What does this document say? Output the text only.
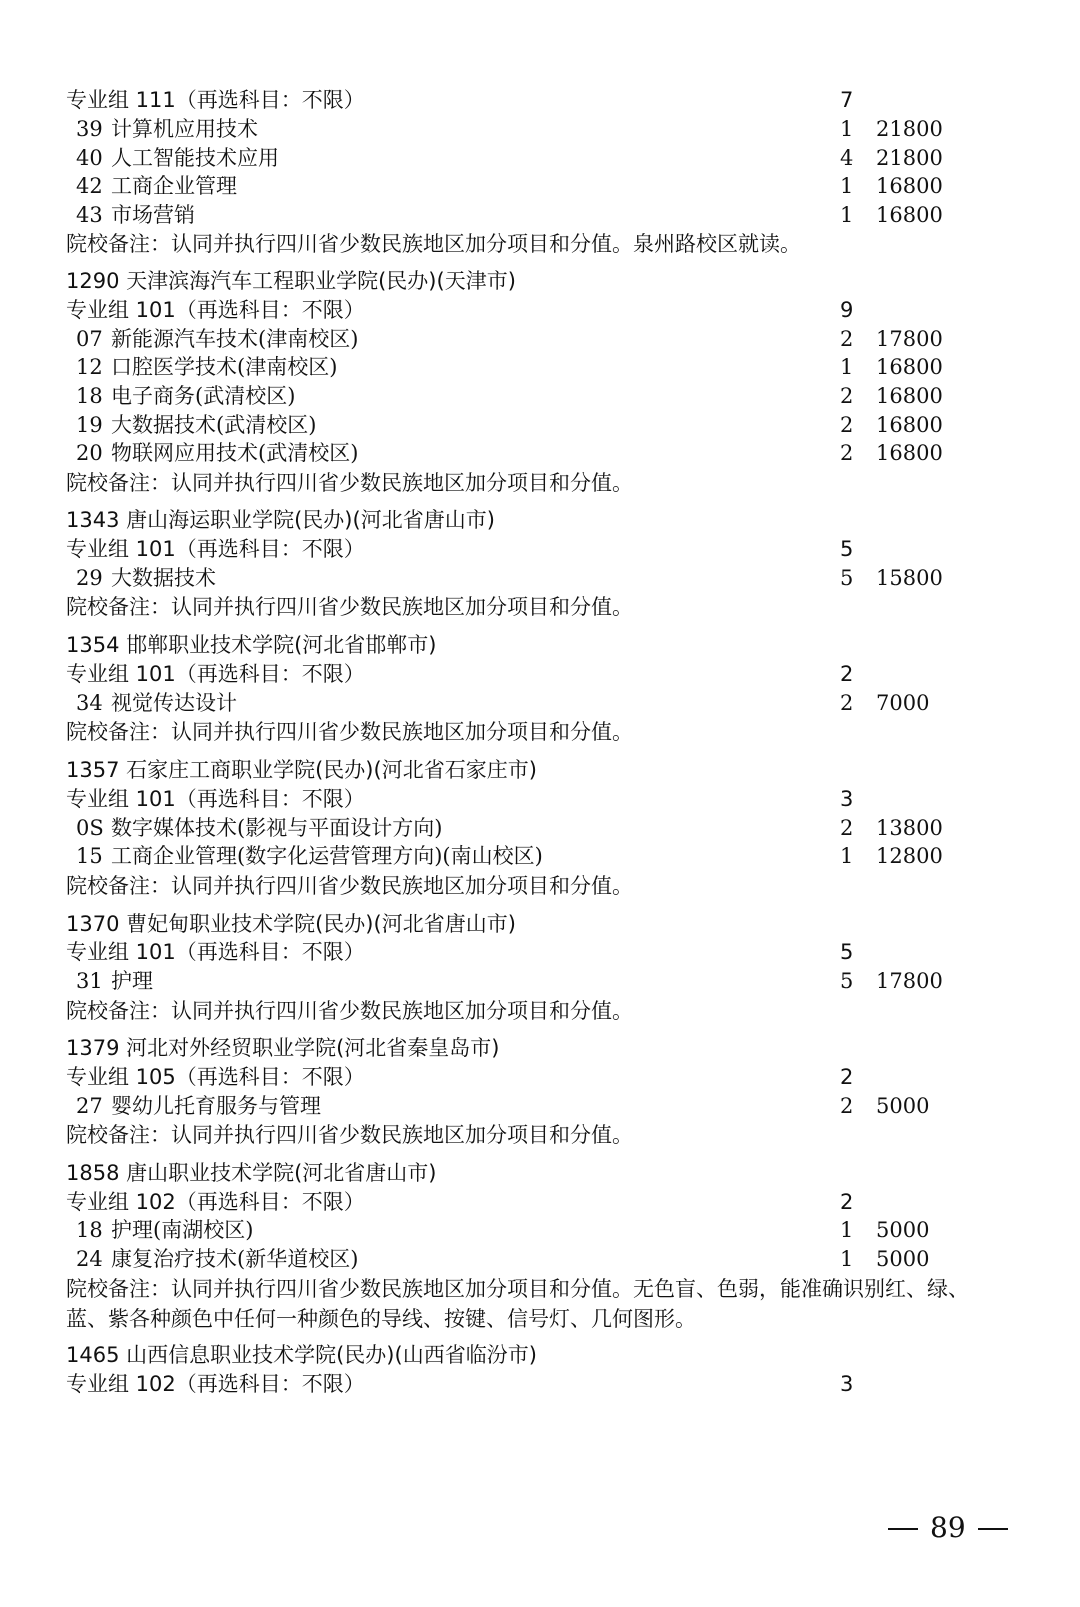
专业组 111（再选科目：不限）	7
39 计算机应用技术	1 21800
40 人工智能技术应用	4 21800
42 工商企业管理	1 16800
43 市场营销	1 16800
院校备注：认同并执行四川省少数民族地区加分项目和分值。泉州路校区就读。
1290 天津滨海汽车工程职业学院(民办)(天津市)
专业组 101（再选科目：不限）	9
07 新能源汽车技术(津南校区)	2 17800
12 口腔医学技术(津南校区)	1 16800
18 电子商务(武清校区)	2 16800
19 大数据技术(武清校区)	2 16800
20 物联网应用技术(武清校区)	2 16800
院校备注：认同并执行四川省少数民族地区加分项目和分值。
1343 唐山海运职业学院(民办)(河北省唐山市)
专业组 101（再选科目：不限）	5
29 大数据技术	5 15800
院校备注：认同并执行四川省少数民族地区加分项目和分值。
1354 邯郸职业技术学院(河北省邯郸市)
专业组 101（再选科目：不限）	2
34 视觉传达设计	2 7000
院校备注：认同并执行四川省少数民族地区加分项目和分值。
1357 石家庄工商职业学院(民办)(河北省石家庄市)
专业组 101（再选科目：不限）	3
0S 数字媒体技术(影视与平面设计方向)	2 13800
15 工商企业管理(数字化运营管理方向)(南山校区)	1 12800
院校备注：认同并执行四川省少数民族地区加分项目和分值。
1370 曹妃甸职业技术学院(民办)(河北省唐山市)
专业组 101（再选科目：不限）	5
31 护理	5 17800
院校备注：认同并执行四川省少数民族地区加分项目和分值。
1379 河北对外经贸职业学院(河北省秦皇岛市)
专业组 105（再选科目：不限）	2
27 婴幼儿托育服务与管理	2 5000
院校备注：认同并执行四川省少数民族地区加分项目和分值。
1858 唐山职业技术学院(河北省唐山市)
专业组 102（再选科目：不限）	2
18 护理(南湖校区)	1 5000
24 康复治疗技术(新华道校区)	1 5000
院校备注：认同并执行四川省少数民族地区加分项目和分值。无色盲、色弱，能准确识别红、绿、蓝、紫各种颜色中任何一种颜色的导线、按键、信号灯、几何图形。
1465 山西信息职业技术学院(民办)(山西省临汾市)
专业组 102（再选科目：不限）	3
89
